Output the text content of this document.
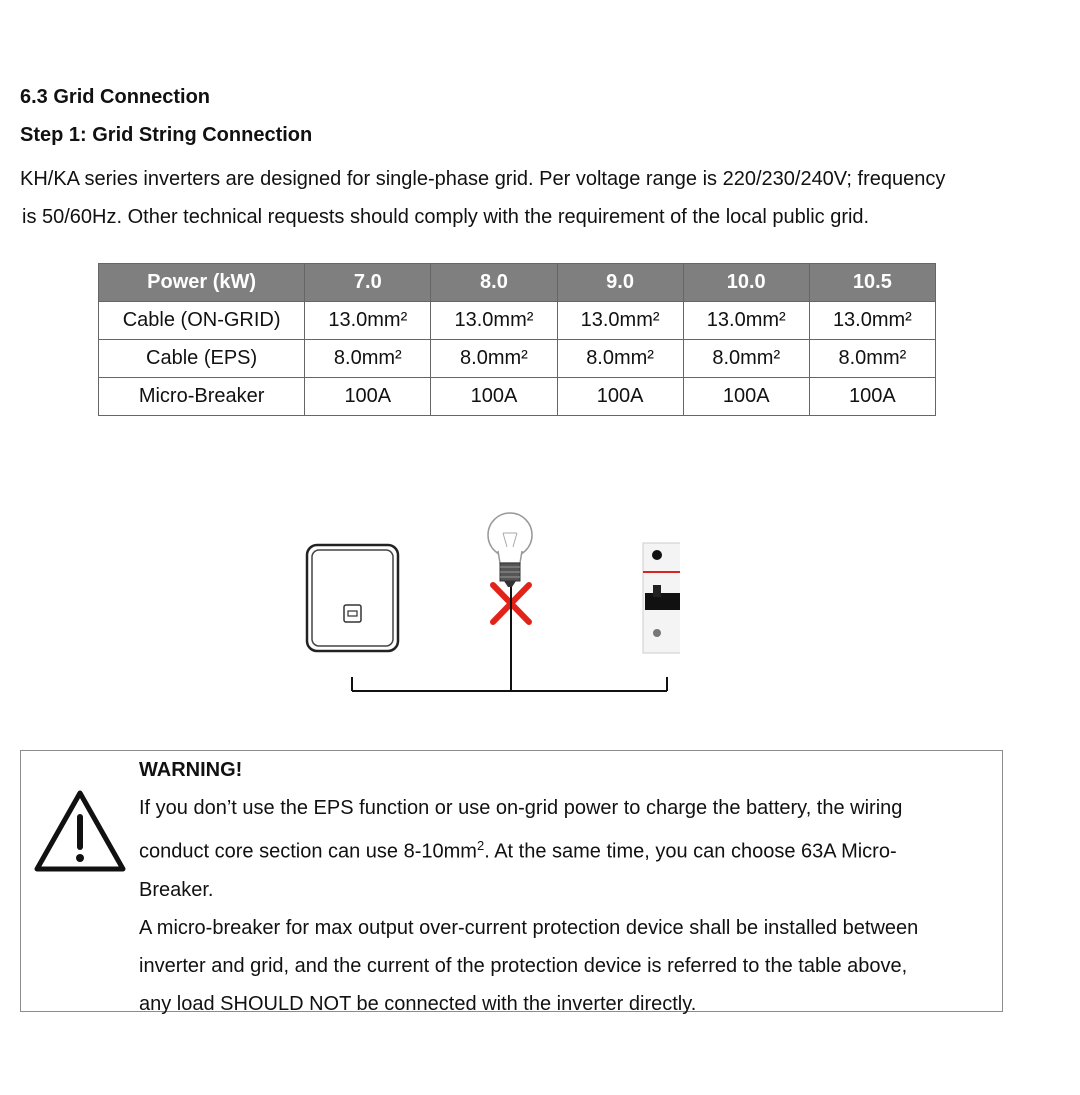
6.3 Grid Connection
Step 1: Grid String Connection

KH/KA series inverters are designed for single-phase grid. Per voltage range is 220/230/240V; frequency
is 50/60Hz. Other technical requests should comply with the requirement of the local public grid.

Power (kW)	7.0	8.0	9.0	10.0	10.5
Cable (ON-GRID)	13.0mm²	13.0mm²	13.0mm²	13.0mm²	13.0mm²
Cable (EPS)	8.0mm²	8.0mm²	8.0mm²	8.0mm²	8.0mm²
Micro-Breaker	100A	100A	100A	100A	100A
WARNING!
If you don’t use the EPS function or use on-grid power to charge the battery, the wiring
conduct core section can use $8-10mm^2$. At the same time, you can choose 63A Micro-
Breaker.
A micro-breaker for max output over-current protection device shall be installed between
inverter and grid, and the current of the protection device is referred to the table above,
any load SHOULD NOT be connected with the inverter directly.
